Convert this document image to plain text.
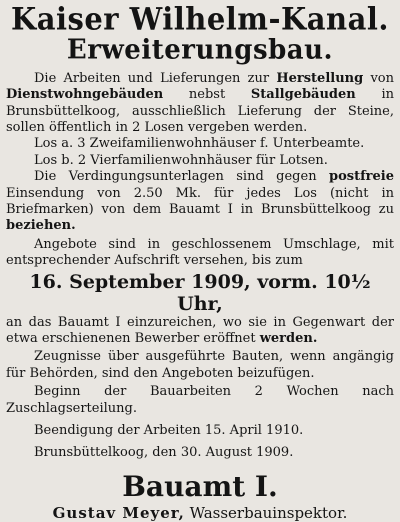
Kaiser Wilhelm-Kanal.
Erweiterungsbau.

Die Arbeiten und Lieferungen zur Herstellung von Dienstwohngebäuden nebst Stallgebäuden in Brunsbüttelkoog, ausschließlich Lieferung der Steine, sollen öffentlich in 2 Losen vergeben werden.

Los a. 3 Zweifamilienwohnhäuser f. Unterbeamte.

Los b. 2 Vierfamilienwohnhäuser für Lotsen.

Die Verdingungsunterlagen sind gegen postfreie Einsendung von 2.50 Mk. für jedes Los (nicht in Briefmarken) von dem Bauamt I in Brunsbüttelkoog zu beziehen.

Angebote sind in geschlossenem Umschlage, mit entsprechender Aufschrift versehen, bis zum

16. September 1909, vorm. 10½ Uhr,

an das Bauamt I einzureichen, wo sie in Gegenwart der etwa erschienenen Bewerber eröffnet werden.

Zeugnisse über ausgeführte Bauten, wenn angängig für Behörden, sind den Angeboten beizufügen.

Beginn der Bauarbeiten 2 Wochen nach Zuschlagserteilung.

Beendigung der Arbeiten 15. April 1910.

Brunsbüttelkoog, den 30. August 1909.

Bauamt I.

Gustav Meyer, Wasserbauinspektor.
